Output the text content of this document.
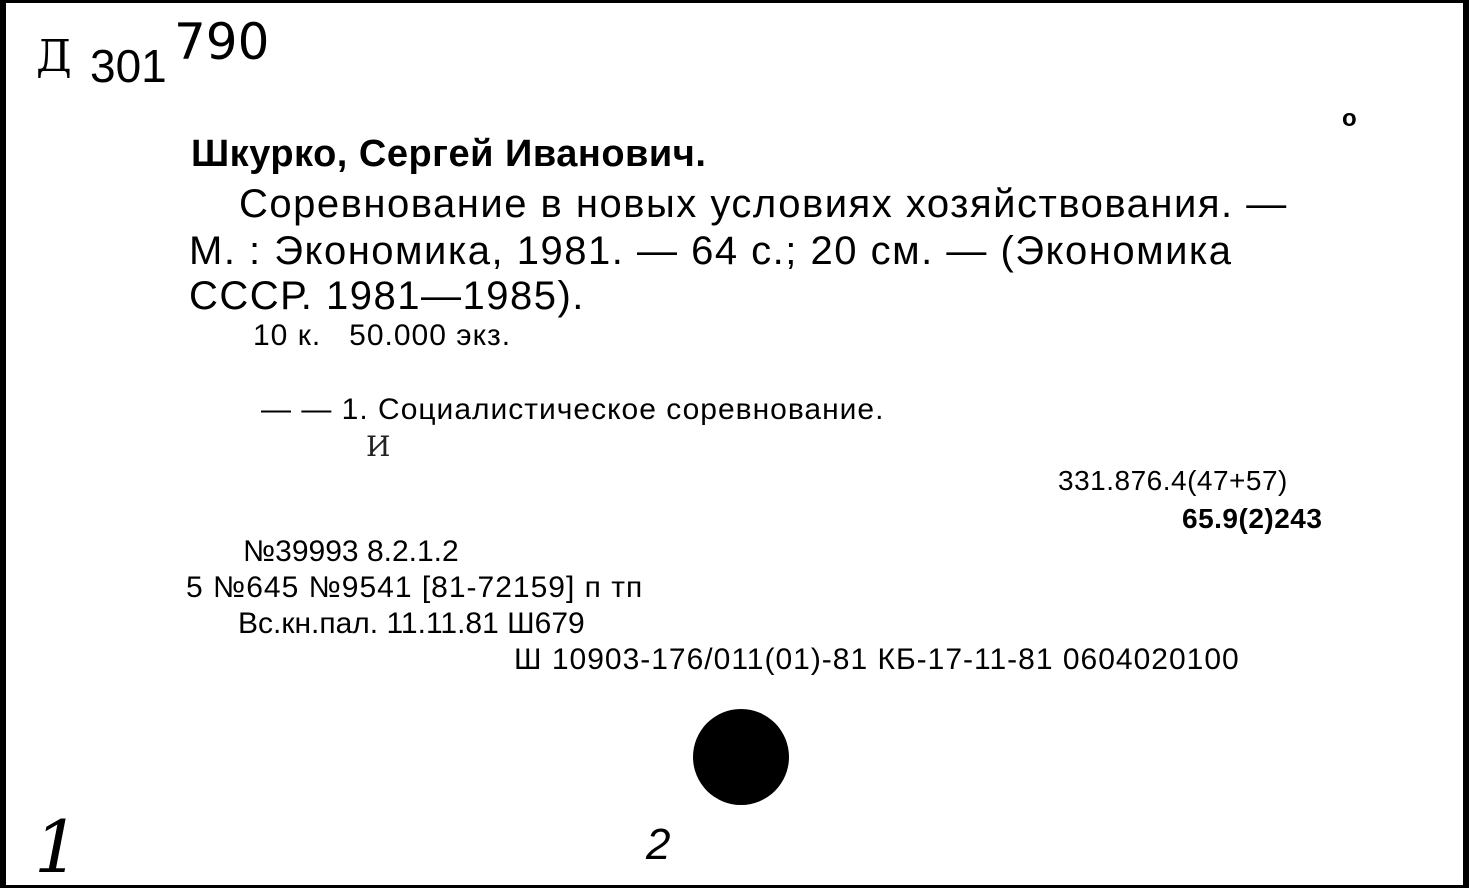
Д 301 790
о
Шкурко, Сергей Иванович.
Соревнование в новых условиях хозяйствования. —
М. : Экономика, 1981. — 64 с.; 20 см. — (Экономика
СССР. 1981—1985).
10 к.   50.000 экз.
— — 1. Социалистическое соревнование.
И
331.876.4(47+57)
65.9(2)243
№39993 8.2.1.2
5 №645 №9541 [81-72159] п тп
Вс.кн.пал. 11.11.81 Ш679
Ш 10903-176/011(01)-81 КБ-17-11-81 0604020100
1	2
